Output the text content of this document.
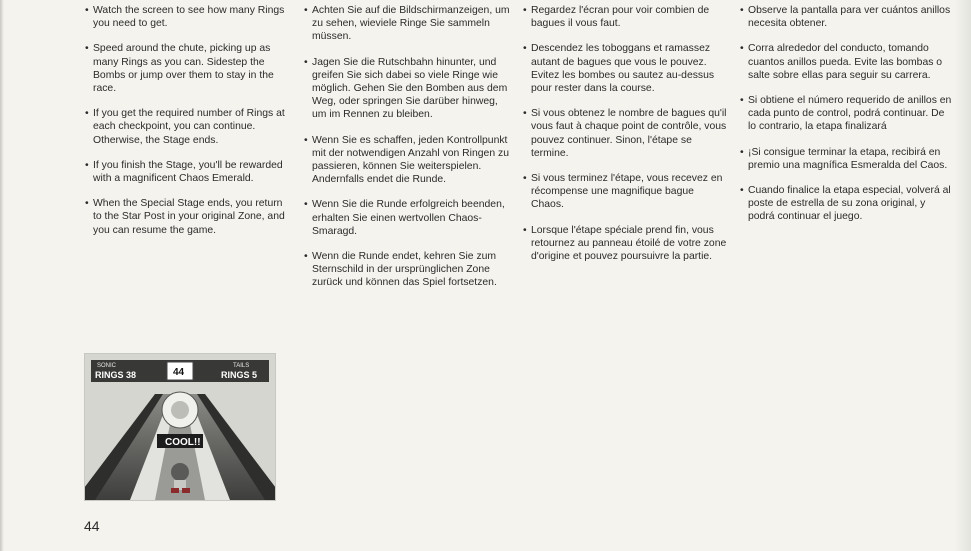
• Watch the screen to see how many Rings you need to get.
• Speed around the chute, picking up as many Rings as you can. Sidestep the Bombs or jump over them to stay in the race.
• If you get the required number of Rings at each checkpoint, you can continue. Otherwise, the Stage ends.
• If you finish the Stage, you'll be rewarded with a magnificent Chaos Emerald.
• When the Special Stage ends, you return to the Star Post in your original Zone, and you can resume the game.
• Achten Sie auf die Bildschirmanzeigen, um zu sehen, wieviele Ringe Sie sammeln müssen.
• Jagen Sie die Rutschbahn hinunter, und greifen Sie sich dabei so viele Ringe wie möglich. Gehen Sie den Bomben aus dem Weg, oder springen Sie darüber hinweg, um im Rennen zu bleiben.
• Wenn Sie es schaffen, jeden Kontrollpunkt mit der notwendigen Anzahl von Ringen zu passieren, können Sie weiterspielen. Andernfalls endet die Runde.
• Wenn Sie die Runde erfolgreich beenden, erhalten Sie einen wertvollen Chaos-Smaragd.
• Wenn die Runde endet, kehren Sie zum Sternschild in der ursprünglichen Zone zurück und können das Spiel fortsetzen.
• Regardez l'écran pour voir combien de bagues il vous faut.
• Descendez les toboggans et ramassez autant de bagues que vous le pouvez. Evitez les bombes ou sautez au-dessus pour rester dans la course.
• Si vous obtenez le nombre de bagues qu'il vous faut à chaque point de contrôle, vous pouvez continuer. Sinon, l'étape se termine.
• Si vous terminez l'étape, vous recevez en récompense une magnifique bague Chaos.
• Lorsque l'étape spéciale prend fin, vous retournez au panneau étoilé de votre zone d'origine et pouvez poursuivre la partie.
• Observe la pantalla para ver cuántos anillos necesita obtener.
• Corra alrededor del conducto, tomando cuantos anillos pueda. Evite las bombas o salte sobre ellas para seguir su carrera.
• Si obtiene el número requerido de anillos en cada punto de control, podrá continuar. De lo contrario, la etapa finalizará
• ¡Si consigue terminar la etapa, recibirá en premio una magnífica Esmeralda del Caos.
• Cuando finalice la etapa especial, volverá al poste de estrella de su zona original, y podrá continuar el juego.
SONIC
RINGS 38	44
TAILS
RINGS 5
COOL!!
44
